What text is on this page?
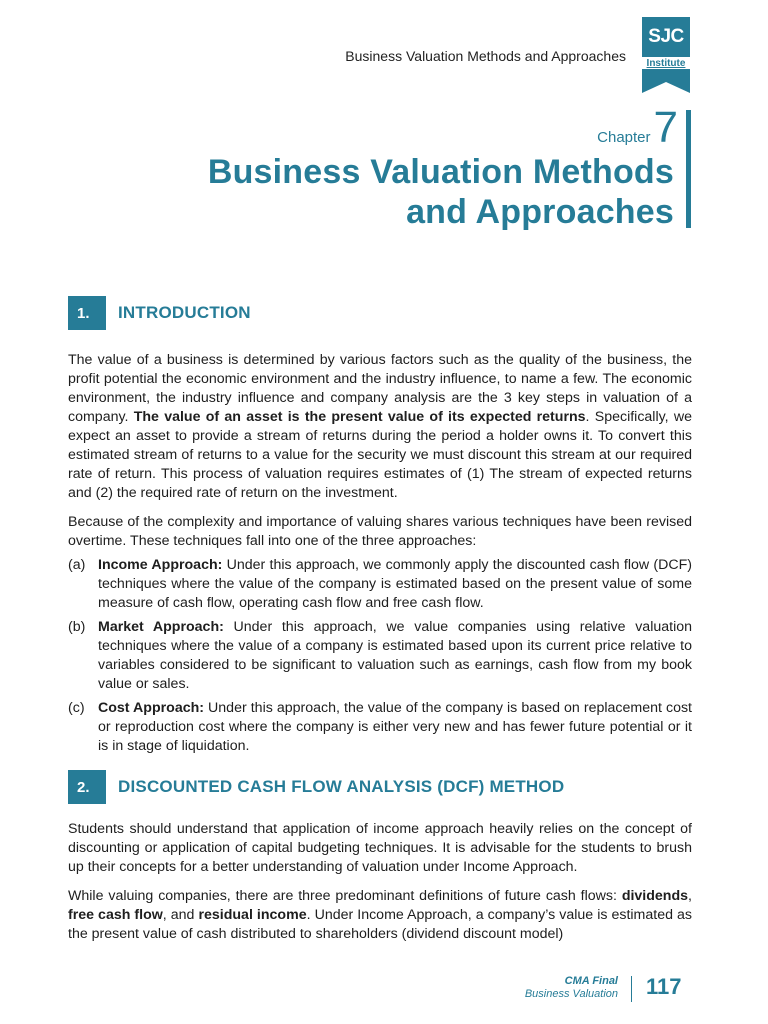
Business Valuation Methods and Approaches
SJC
Institute
Chapter7
Business Valuation Methods
and Approaches
1.	INTRODUCTION

The value of a business is determined by various factors such as the quality of the business, the profit potential the economic environment and the industry influence, to name a few. The economic environment, the industry influence and company analysis are the 3 key steps in valuation of a company. The value of an asset is the present value of its expected returns. Specifically, we expect an asset to provide a stream of returns during the period a holder owns it. To convert this estimated stream of returns to a value for the security we must discount this stream at our required rate of return. This process of valuation requires estimates of (1) The stream of expected returns and (2) the required rate of return on the investment.

Because of the complexity and importance of valuing shares various techniques have been revised overtime. These techniques fall into one of the three approaches:

(a) Income Approach: Under this approach, we commonly apply the discounted cash flow (DCF) techniques where the value of the company is estimated based on the present value of some measure of cash flow, operating cash flow and free cash flow.
(b) Market Approach: Under this approach, we value companies using relative valuation techniques where the value of a company is estimated based upon its current price relative to variables considered to be significant to valuation such as earnings, cash flow from my book value or sales.
(c) Cost Approach: Under this approach, the value of the company is based on replacement cost or reproduction cost where the company is either very new and has fewer future potential or it is in stage of liquidation.
2.	DISCOUNTED CASH FLOW ANALYSIS (DCF) METHOD

Students should understand that application of income approach heavily relies on the concept of discounting or application of capital budgeting techniques. It is advisable for the students to brush up their concepts for a better understanding of valuation under Income Approach.

While valuing companies, there are three predominant definitions of future cash flows: dividends, free cash flow, and residual income. Under Income Approach, a company’s value is estimated as the present value of cash distributed to shareholders (dividend discount model)

CMA Final
Business Valuation 117
